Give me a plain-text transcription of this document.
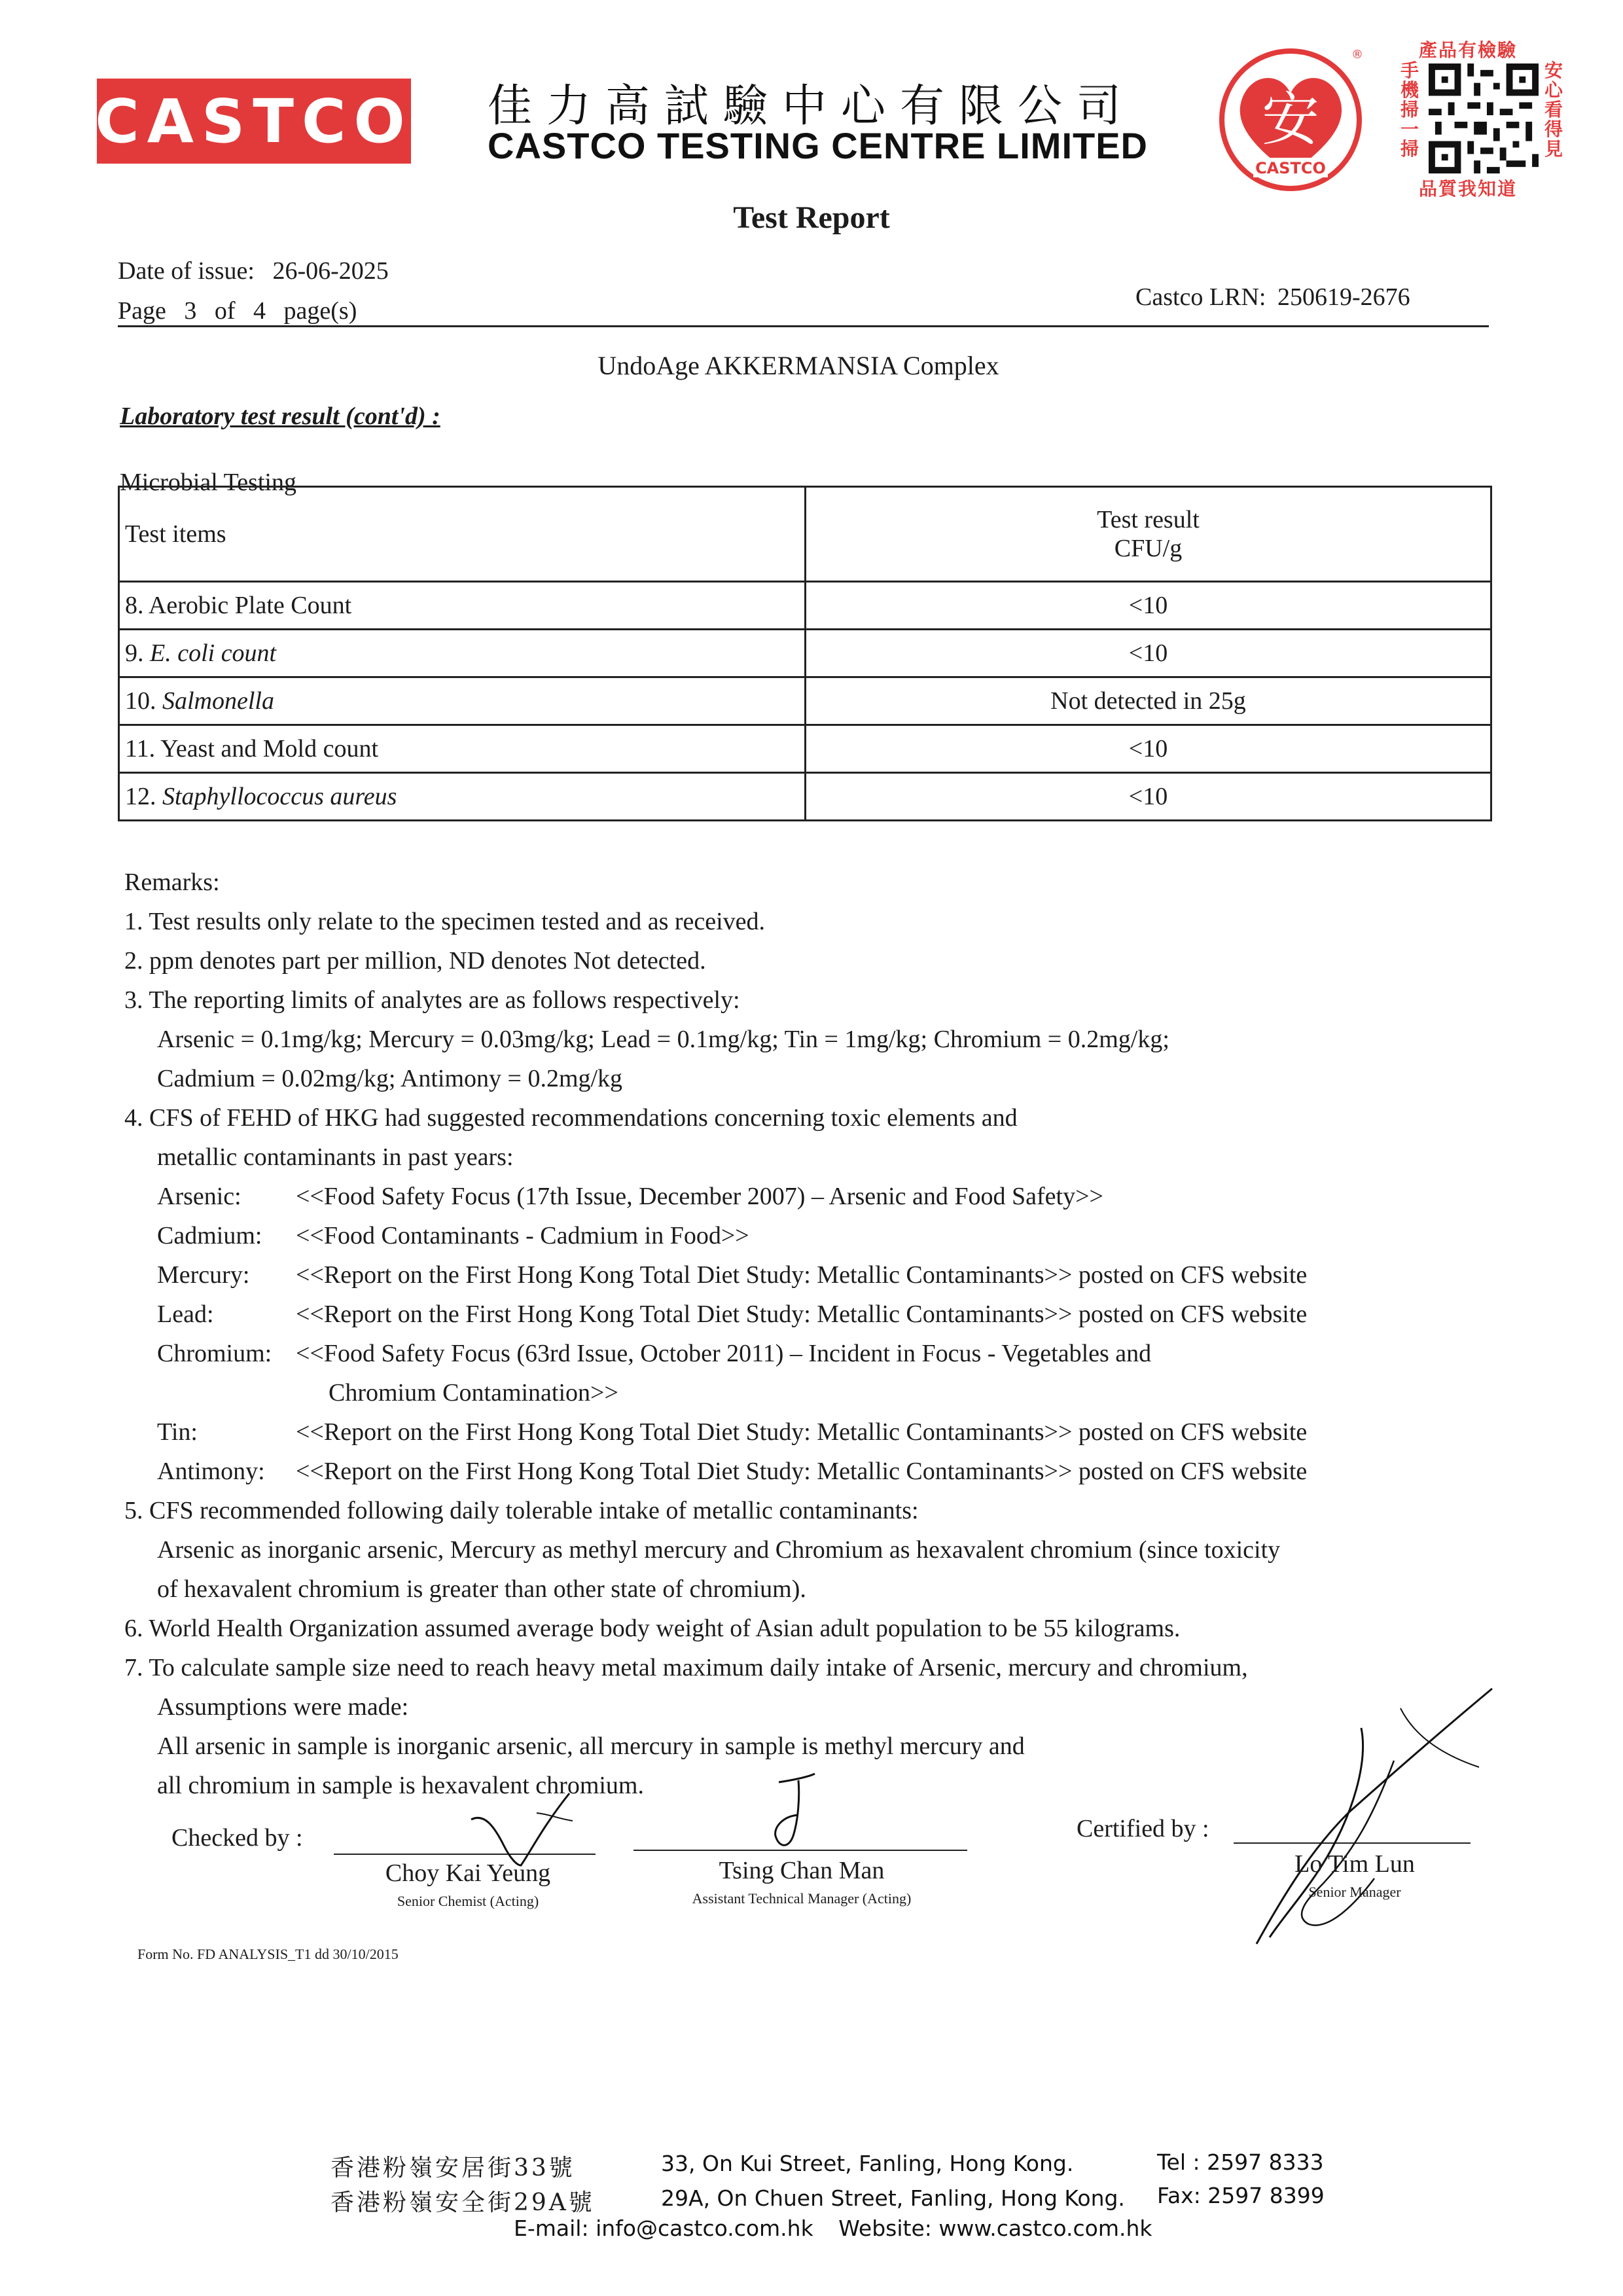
CASTCO 佳力高試驗中心有限公司
CASTCO TESTING CENTRE LIMITED 安
CASTCO
®	產品有檢驗
手機掃一掃
安心看得見
品質我知道
Test Report
Date of issue: 26-06-2025
Page 3 of 4 page(s)	Castco LRN: 250619-2676
UndoAge AKKERMANSIA Complex
Laboratory test result (cont'd) :
Microbial Testing
Test items	Test result
CFU/g

8. Aerobic Plate Count	<10
9. E. coli count	<10
10. Salmonella	Not detected in 25g
11. Yeast and Mold count	<10
12. Staphyllococcus aureus	<10

Remarks:

1. Test results only relate to the specimen tested and as received.

2. ppm denotes part per million, ND denotes Not detected.

3. The reporting limits of analytes are as follows respectively:

Arsenic = 0.1mg/kg; Mercury = 0.03mg/kg; Lead = 0.1mg/kg; Tin = 1mg/kg; Chromium = 0.2mg/kg;

Cadmium = 0.02mg/kg; Antimony = 0.2mg/kg

4. CFS of FEHD of HKG had suggested recommendations concerning toxic elements and

metallic contaminants in past years:

Arsenic:	<<Food Safety Focus (17th Issue, December 2007) – Arsenic and Food Safety>>
Cadmium:	<<Food Contaminants - Cadmium in Food>>
Mercury:	<<Report on the First Hong Kong Total Diet Study: Metallic Contaminants>> posted on CFS website
Lead:	<<Report on the First Hong Kong Total Diet Study: Metallic Contaminants>> posted on CFS website
Chromium: <<Food Safety Focus (63rd Issue, October 2011) – Incident in Focus - Vegetables and

Chromium Contamination>>

Tin:	<<Report on the First Hong Kong Total Diet Study: Metallic Contaminants>> posted on CFS website
Antimony:	<<Report on the First Hong Kong Total Diet Study: Metallic Contaminants>> posted on CFS website

5. CFS recommended following daily tolerable intake of metallic contaminants:

Arsenic as inorganic arsenic, Mercury as methyl mercury and Chromium as hexavalent chromium (since toxicity

of hexavalent chromium is greater than other state of chromium).

6. World Health Organization assumed average body weight of Asian adult population to be 55 kilograms.

7. To calculate sample size need to reach heavy metal maximum daily intake of Arsenic, mercury and chromium,

Assumptions were made:

All arsenic in sample is inorganic arsenic, all mercury in sample is methyl mercury and

all chromium in sample is hexavalent chromium.

Checked by :	Certified by :
Choy Kai Yeung
Senior Chemist (Acting)
Tsing Chan Man
Assistant Technical Manager (Acting)
Lo Tim Lun
Senior Manager
Form No. FD ANALYSIS_T1 dd 30/10/2015
香港粉嶺安居街33號	33, On Kui Street, Fanling, Hong Kong.	Tel : 2597 8333
香港粉嶺安全街29A號	29A, On Chuen Street, Fanling, Hong Kong. Fax: 2597 8399
E-mail: info@castco.com.hk Website: www.castco.com.hk
